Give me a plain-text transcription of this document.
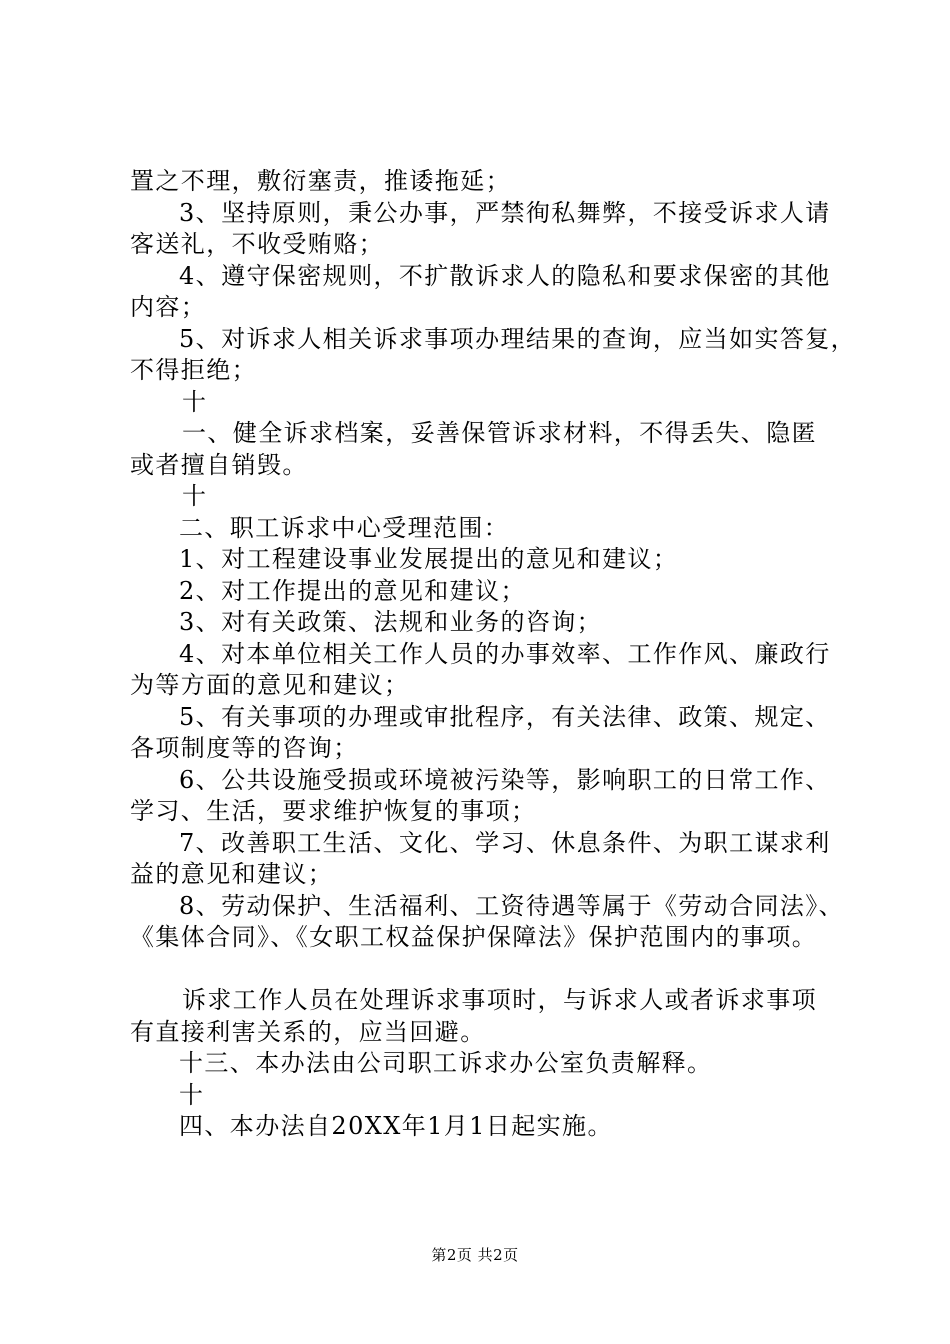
置之不理，敷衍塞责，推诿拖延；
3、坚持原则，秉公办事，严禁徇私舞弊，不接受诉求人请
客送礼，不收受贿赂；
4、遵守保密规则，不扩散诉求人的隐私和要求保密的其他
内容；
5、对诉求人相关诉求事项办理结果的查询，应当如实答复，
不得拒绝；
十
一、健全诉求档案，妥善保管诉求材料，不得丢失、隐匿
或者擅自销毁。
十
二、职工诉求中心受理范围：
1、对工程建设事业发展提出的意见和建议；
2、对工作提出的意见和建议；
3、对有关政策、法规和业务的咨询；
4、对本单位相关工作人员的办事效率、工作作风、廉政行
为等方面的意见和建议；
5、有关事项的办理或审批程序，有关法律、政策、规定、
各项制度等的咨询；
6、公共设施受损或环境被污染等，影响职工的日常工作、
学习、生活，要求维护恢复的事项；
7、改善职工生活、文化、学习、休息条件、为职工谋求利
益的意见和建议；
8、劳动保护、生活福利、工资待遇等属于《劳动合同法》、
《集体合同》、《女职工权益保护保障法》保护范围内的事项。
诉求工作人员在处理诉求事项时，与诉求人或者诉求事项
有直接利害关系的，应当回避。
十三、本办法由公司职工诉求办公室负责解释。
十
四、本办法自20XX年1月1日起实施。
第2页 共2页
